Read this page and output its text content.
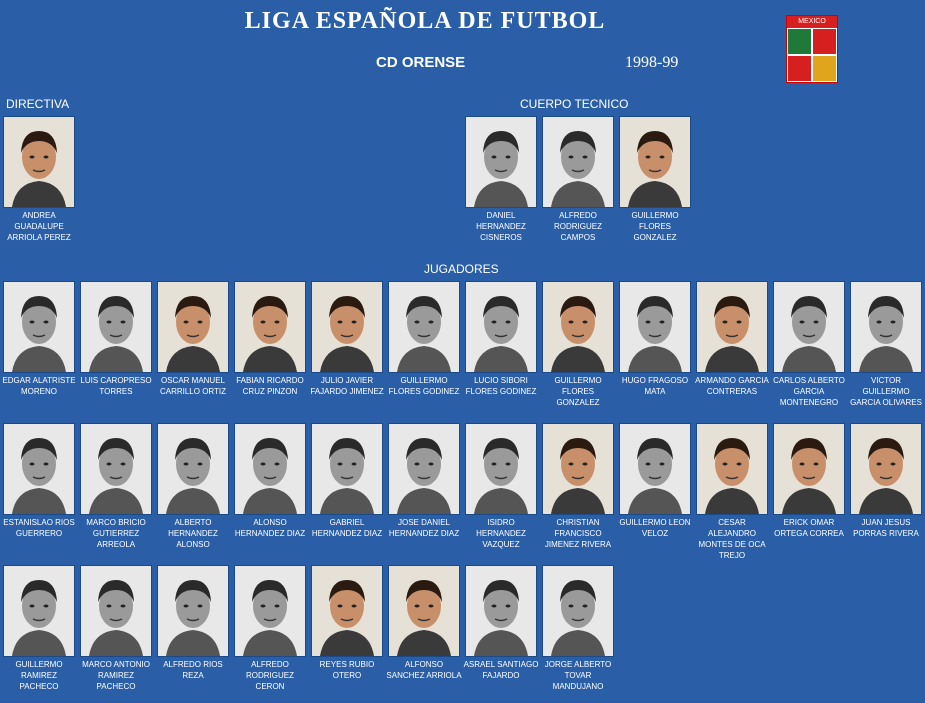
LIGA ESPAÑOLA DE FUTBOL
CD ORENSE	1998-99
MEXICO
DIRECTIVA	CUERPO TECNICO
JUGADORES
ANDREA GUADALUPE ARRIOLA PEREZ
DANIEL HERNANDEZ CISNEROS
ALFREDO RODRIGUEZ CAMPOS
GUILLERMO FLORES GONZALEZ
EDGAR ALATRISTE MORENO
LUIS CAROPRESO TORRES
OSCAR MANUEL CARRILLO ORTIZ
FABIAN RICARDO CRUZ PINZON
JULIO JAVIER FAJARDO JIMENEZ
GUILLERMO FLORES GODINEZ
LUCIO SIBORI FLORES GODINEZ
GUILLERMO FLORES GONZALEZ
HUGO FRAGOSO MATA
ARMANDO GARCIA CONTRERAS
CARLOS ALBERTO GARCIA MONTENEGRO
VICTOR GUILLERMO GARCIA OLIVARES
ESTANISLAO RIOS GUERRERO
MARCO BRICIO GUTIERREZ ARREOLA
ALBERTO HERNANDEZ ALONSO
ALONSO HERNANDEZ DIAZ
GABRIEL HERNANDEZ DIAZ
JOSE DANIEL HERNANDEZ DIAZ
ISIDRO HERNANDEZ VAZQUEZ
CHRISTIAN FRANCISCO JIMENEZ RIVERA
GUILLERMO LEON VELOZ
CESAR ALEJANDRO MONTES DE OCA TREJO
ERICK OMAR ORTEGA CORREA
JUAN JESUS PORRAS RIVERA
GUILLERMO RAMIREZ PACHECO
MARCO ANTONIO RAMIREZ PACHECO
ALFREDO RIOS REZA
ALFREDO RODRIGUEZ CERON
REYES RUBIO OTERO
ALFONSO SANCHEZ ARRIOLA
ASRAEL SANTIAGO FAJARDO
JORGE ALBERTO TOVAR MANDUJANO
